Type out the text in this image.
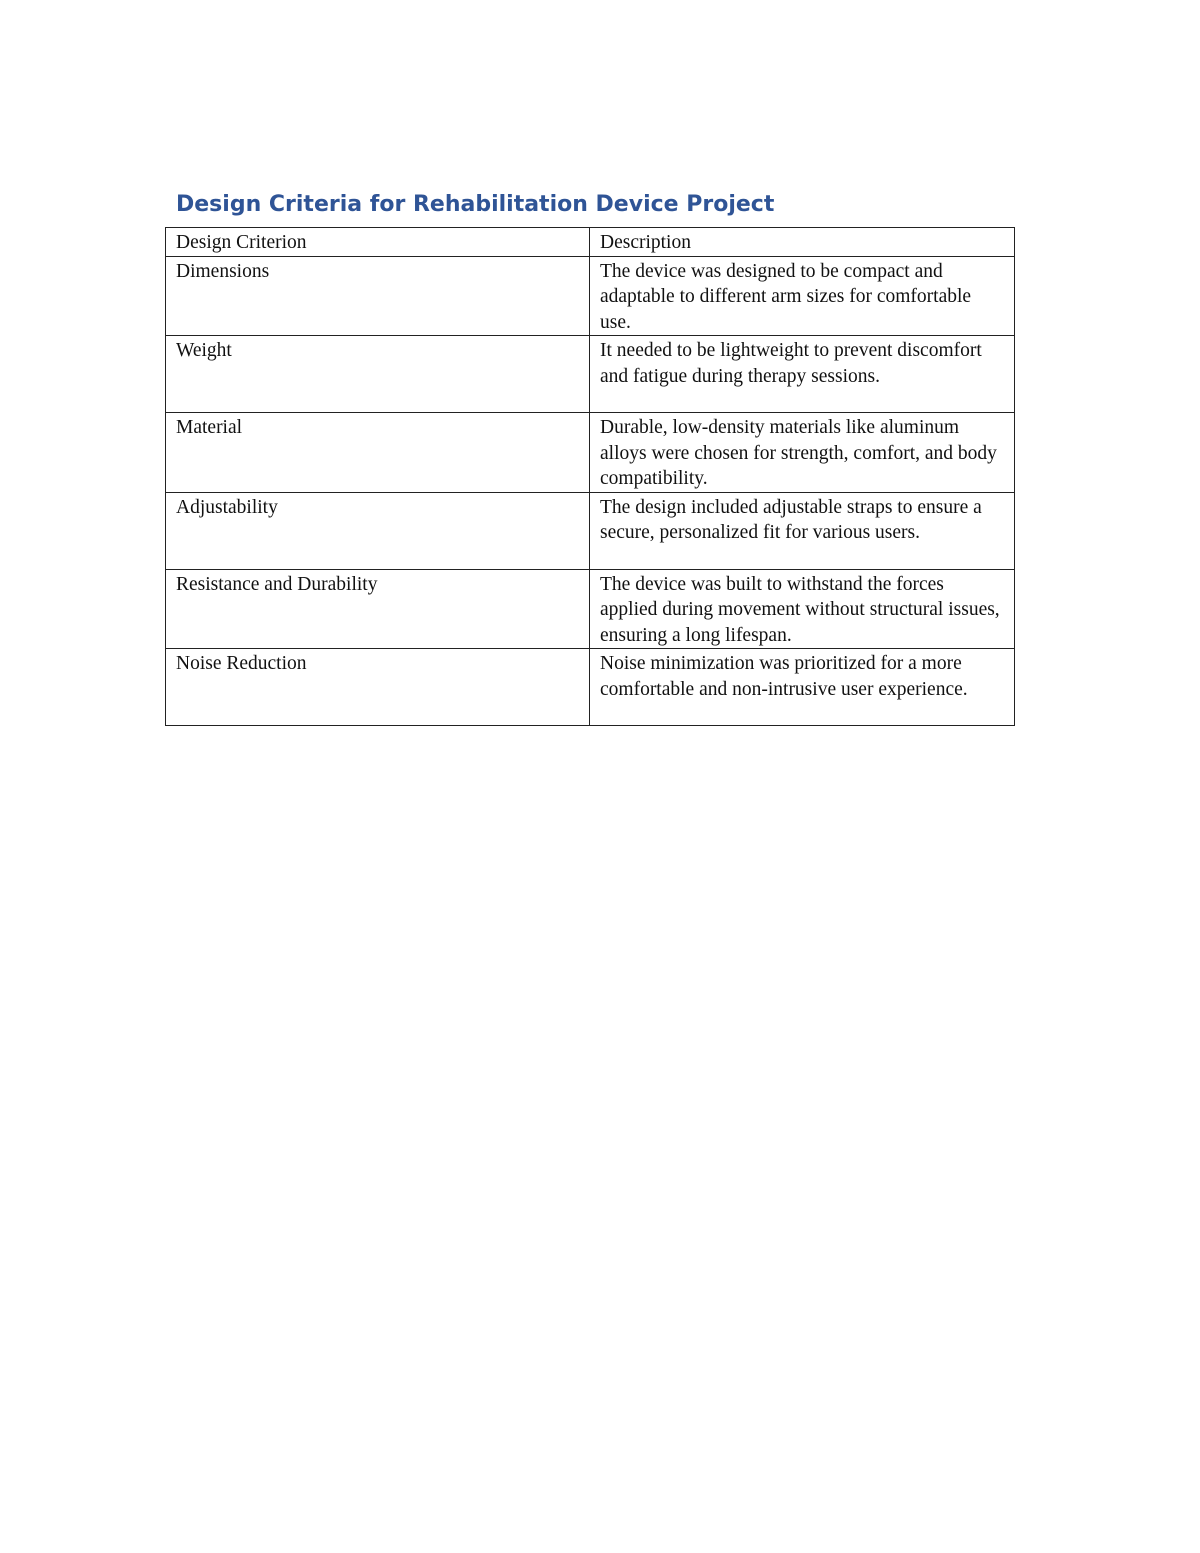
Design Criteria for Rehabilitation Device Project
Design Criterion	Description
Dimensions	The device was designed to be compact and adaptable to different arm sizes for comfortable use.
Weight	It needed to be lightweight to prevent discomfort and fatigue during therapy sessions.
Material	Durable, low-density materials like aluminum alloys were chosen for strength, comfort, and body compatibility.
Adjustability	The design included adjustable straps to ensure a secure, personalized fit for various users.
Resistance and Durability	The device was built to withstand the forces applied during movement without structural issues, ensuring a long lifespan.
Noise Reduction	Noise minimization was prioritized for a more comfortable and non-intrusive user experience.
